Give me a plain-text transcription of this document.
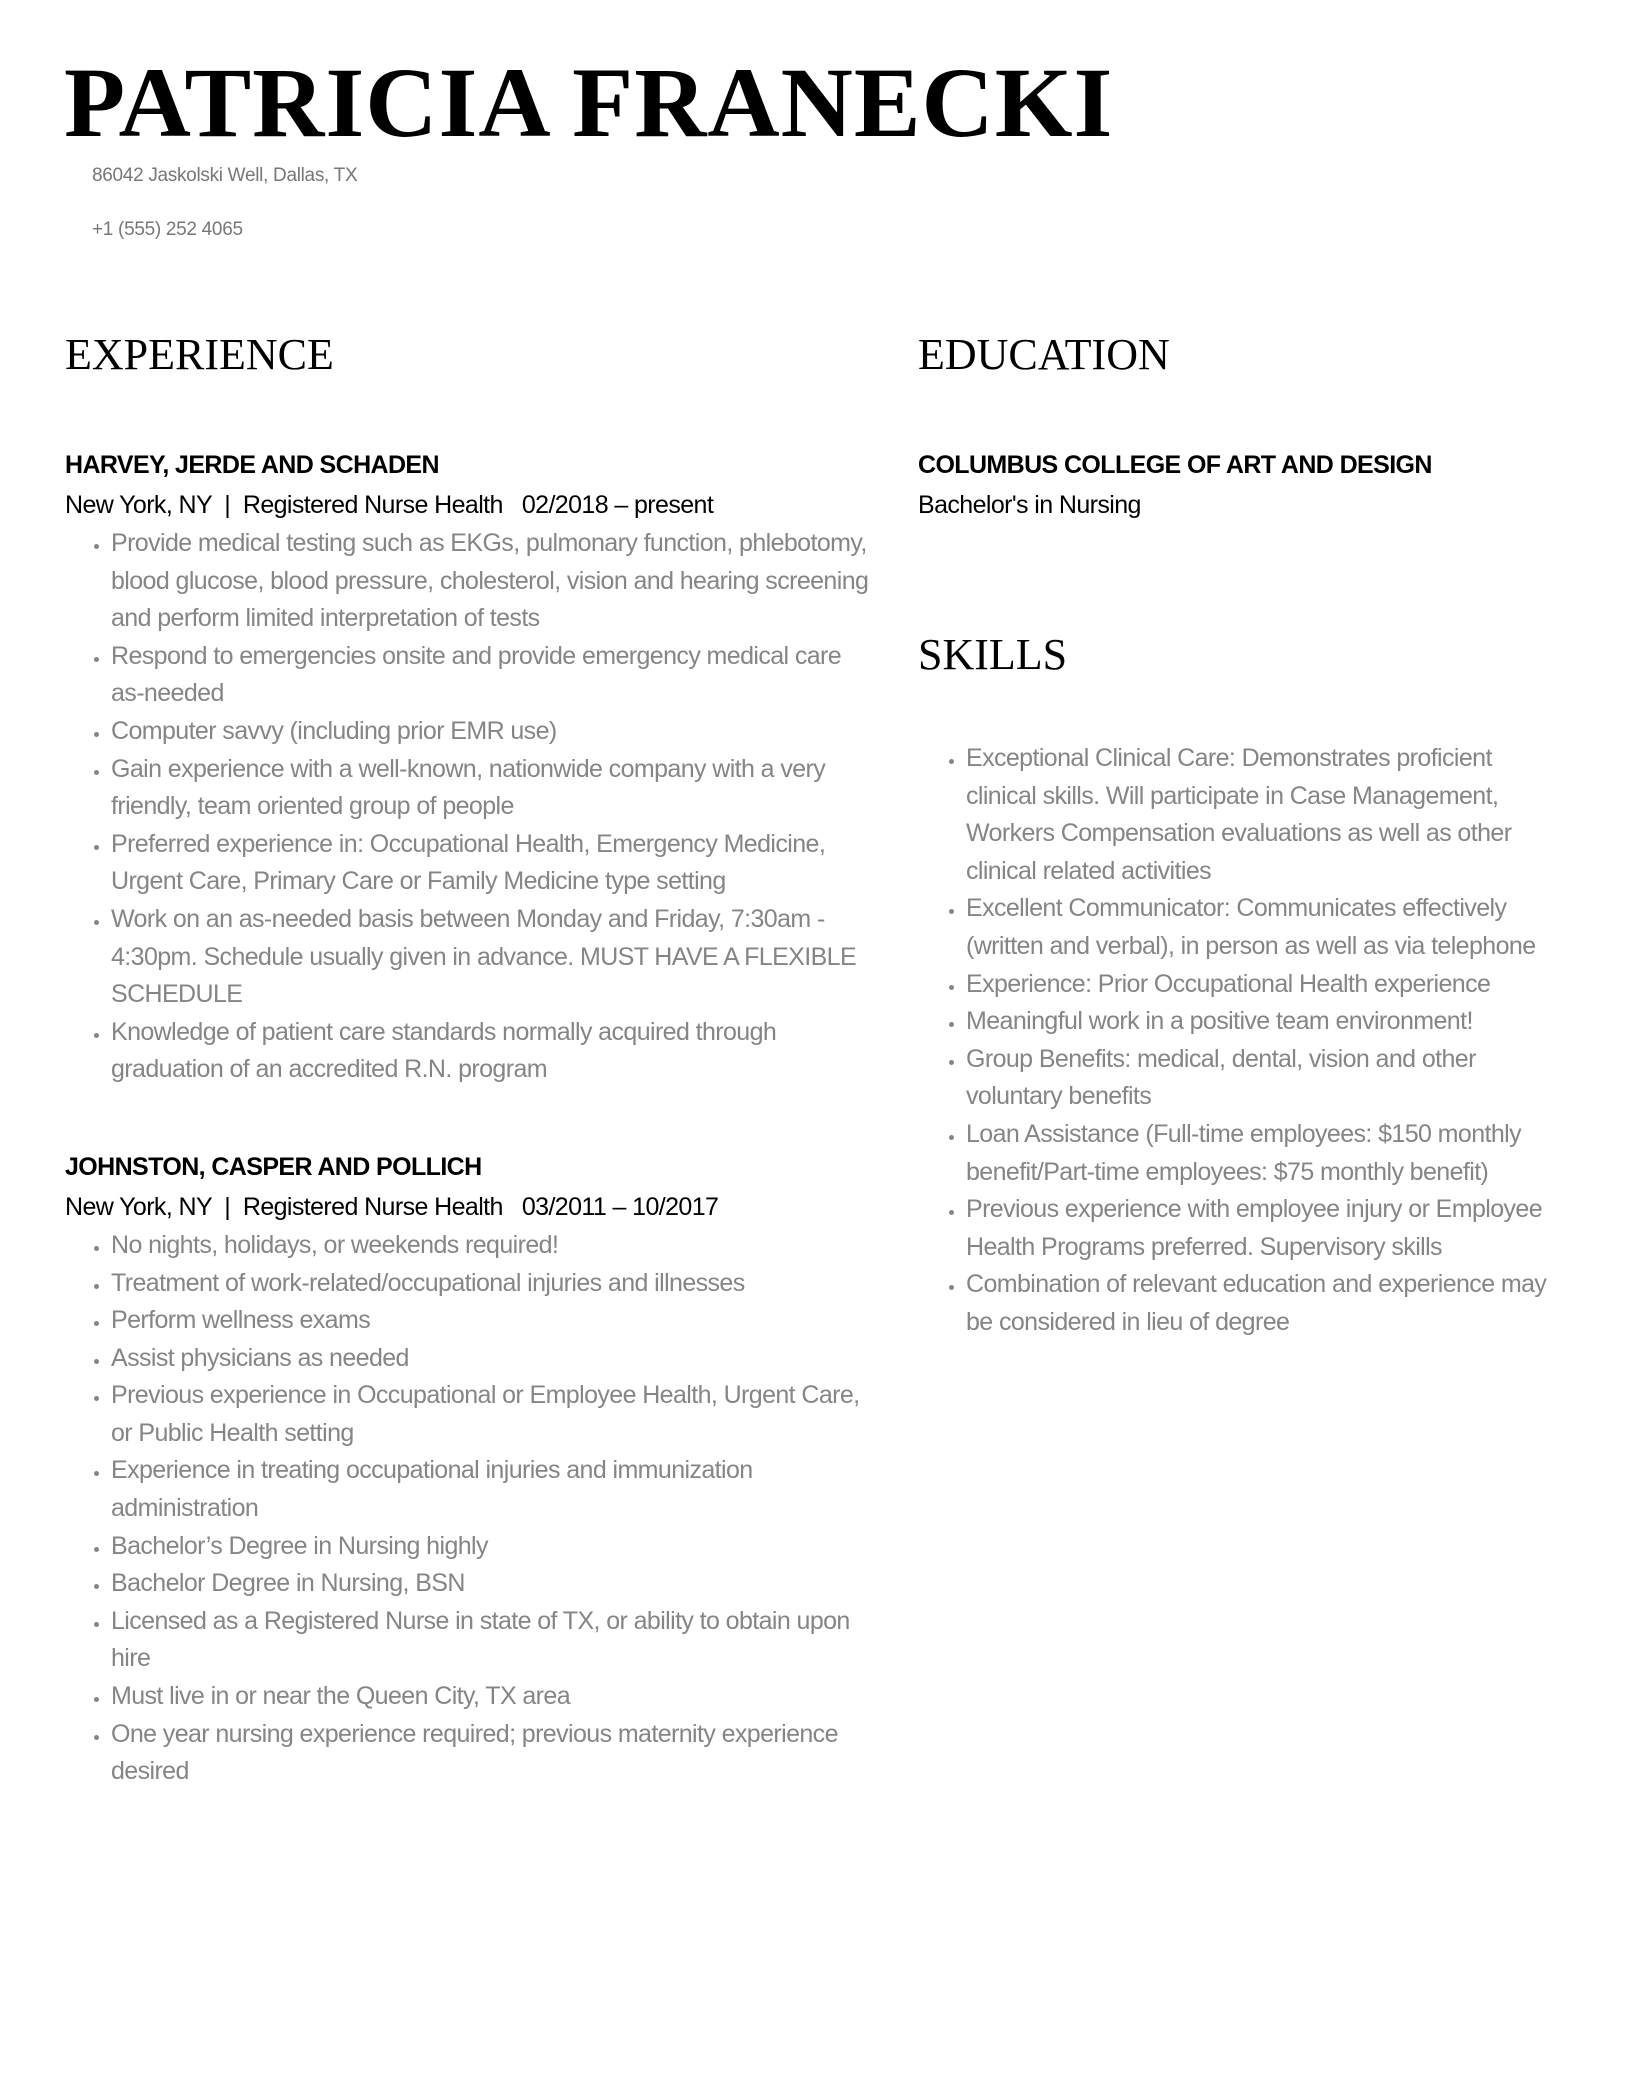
PATRICIA FRANECKI
86042 Jaskolski Well, Dallas, TX
+1 (555) 252 4065
EXPERIENCE
HARVEY, JERDE AND SCHADEN
New York, NY  |  Registered Nurse Health   02/2018 – present
• Provide medical testing such as EKGs, pulmonary function, phlebotomy, blood glucose, blood pressure, cholesterol, vision and hearing screening and perform limited interpretation of tests
• Respond to emergencies onsite and provide emergency medical care as-needed
• Computer savvy (including prior EMR use)
• Gain experience with a well-known, nationwide company with a very friendly, team oriented group of people
• Preferred experience in: Occupational Health, Emergency Medicine, Urgent Care, Primary Care or Family Medicine type setting
• Work on an as-needed basis between Monday and Friday, 7:30am - 4:30pm. Schedule usually given in advance. MUST HAVE A FLEXIBLE SCHEDULE
• Knowledge of patient care standards normally acquired through graduation of an accredited R.N. program
JOHNSTON, CASPER AND POLLICH
New York, NY  |  Registered Nurse Health   03/2011 – 10/2017
• No nights, holidays, or weekends required!
• Treatment of work-related/occupational injuries and illnesses
• Perform wellness exams
• Assist physicians as needed
• Previous experience in Occupational or Employee Health, Urgent Care, or Public Health setting
• Experience in treating occupational injuries and immunization administration
• Bachelor’s Degree in Nursing highly
• Bachelor Degree in Nursing, BSN
• Licensed as a Registered Nurse in state of TX, or ability to obtain upon hire
• Must live in or near the Queen City, TX area
• One year nursing experience required; previous maternity experience desired
EDUCATION
COLUMBUS COLLEGE OF ART AND DESIGN
Bachelor's in Nursing
SKILLS
• Exceptional Clinical Care: Demonstrates proficient clinical skills. Will participate in Case Management, Workers Compensation evaluations as well as other clinical related activities
• Excellent Communicator: Communicates effectively (written and verbal), in person as well as via telephone
• Experience: Prior Occupational Health experience
• Meaningful work in a positive team environment!
• Group Benefits: medical, dental, vision and other voluntary benefits
• Loan Assistance (Full-time employees: $150 monthly benefit/Part-time employees: $75 monthly benefit)
• Previous experience with employee injury or Employee Health Programs preferred. Supervisory skills
• Combination of relevant education and experience may be considered in lieu of degree
